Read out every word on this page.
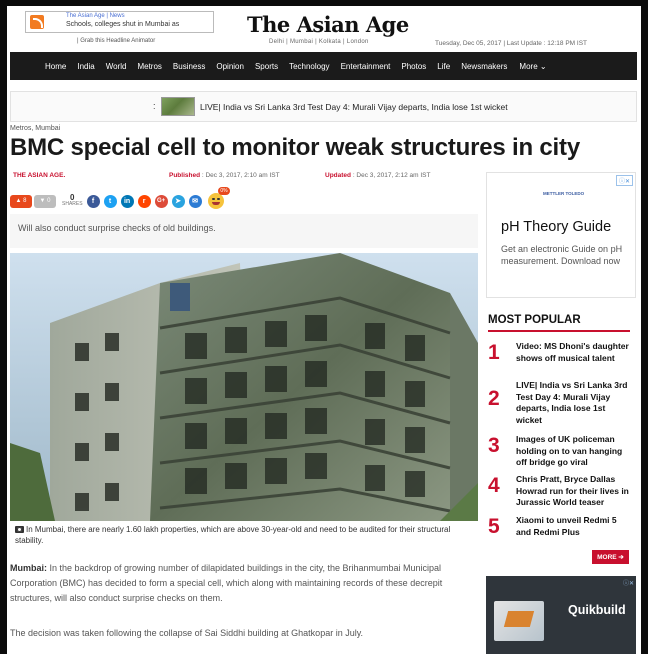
The Asian Age | News
Schools, colleges shut in Mumbai as
| Grab this Headline Animator
The Asian Age
Delhi | Mumbai | Kolkata | London	Tuesday, Dec 05, 2017 | Last Update : 12:18 PM IST
Home India World Metros Business Opinion Sports Technology Entertainment Photos Life Newsmakers More ⌄
:	LIVE| India vs Sri Lanka 3rd Test Day 4: Murali Vijay departs, India lose 1st wicket
Metros, Mumbai
BMC special cell to monitor weak structures in city
THE ASIAN AGE.	Published : Dec 3, 2017, 2:10 am IST	Updated : Dec 3, 2017, 2:12 am IST
▲
8 ▼
0	0
SHARES	f	t	in	r	G+	➤	✉
0%
Will also conduct surprise checks of old buildings.
In Mumbai, there are nearly 1.60 lakh properties, which are above 30-year-old and need to be audited for their structural stability.

Mumbai: In the backdrop of growing number of dilapidated buildings in the city, the Brihanmumbai Municipal Corporation (BMC) has decided to form a special cell, which along with maintaining records of these decrepit structures, will also conduct surprise checks on them.

The decision was taken following the collapse of Sai Siddhi building at Ghatkopar in July.

ⓘ✕
METTLER TOLEDO
pH Theory Guide
Get an electronic Guide on pH measurement. Download now
MOST POPULAR
1 Video: MS Dhoni's daughter shows off musical talent
2
LIVE| India vs Sri Lanka 3rd Test Day 4: Murali Vijay departs, India lose 1st wicket
3 Images of UK policeman holding on to van hanging off bridge go viral
4 Chris Pratt, Bryce Dallas Howrad run for their lives in Jurassic World teaser
5 Xiaomi to unveil Redmi 5 and Redmi Plus
MORE
➔
ⓘ✕
Quikbuild
